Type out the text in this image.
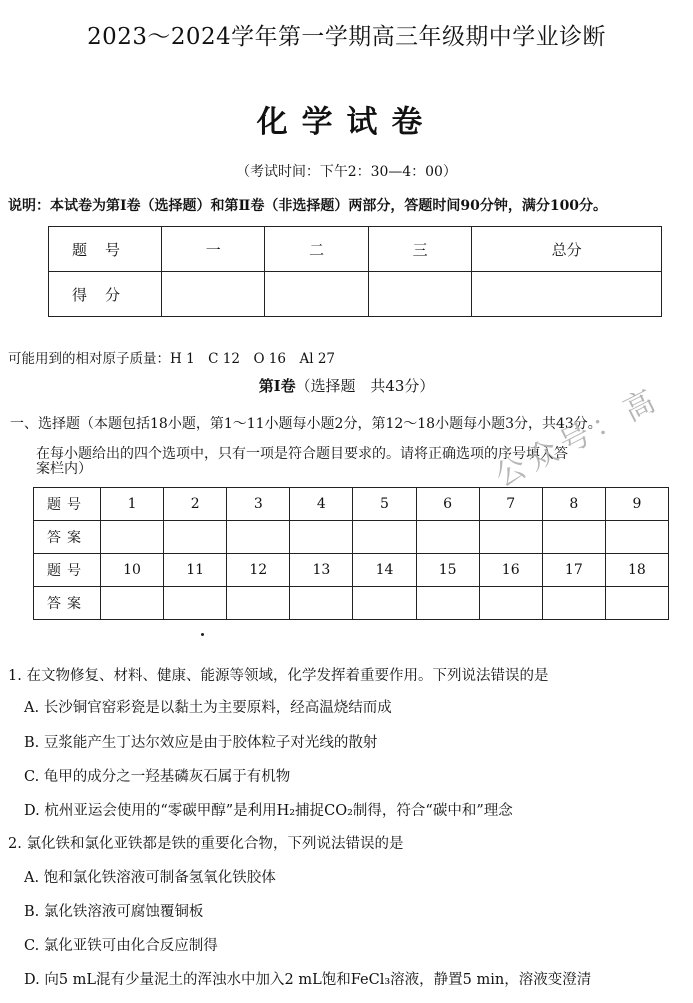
2023～2024学年第一学期高三年级期中学业诊断
化学试卷
（考试时间：下午2：30—4：00）
说明：本试卷为第Ⅰ卷（选择题）和第Ⅱ卷（非选择题）两部分，答题时间90分钟，满分100分。
题号	一	二	三	总分
得分				
可能用到的相对原子质量：H 1　C 12　O 16　Al 27
第Ⅰ卷（选择题　共43分）
一、选择题（本题包括18小题，第1～11小题每小题2分，第12～18小题每小题3分，共43分。
在每小题给出的四个选项中，只有一项是符合题目要求的。请将正确选项的序号填入答
案栏内）
题号	1	2	3	4	5	6	7	8	9
答案									
题号	10	11	12	13	14	15	16	17	18
答案									
公众号：高
1. 在文物修复、材料、健康、能源等领域，化学发挥着重要作用。下列说法错误的是
A. 长沙铜官窑彩瓷是以黏土为主要原料，经高温烧结而成
B. 豆浆能产生丁达尔效应是由于胶体粒子对光线的散射
C. 龟甲的成分之一羟基磷灰石属于有机物
D. 杭州亚运会使用的“零碳甲醇”是利用H₂捕捉CO₂制得，符合“碳中和”理念
2. 氯化铁和氯化亚铁都是铁的重要化合物，下列说法错误的是
A. 饱和氯化铁溶液可制备氢氧化铁胶体
B. 氯化铁溶液可腐蚀覆铜板
C. 氯化亚铁可由化合反应制得
D. 向5 mL混有少量泥土的浑浊水中加入2 mL饱和FeCl₃溶液，静置5 min，溶液变澄清
